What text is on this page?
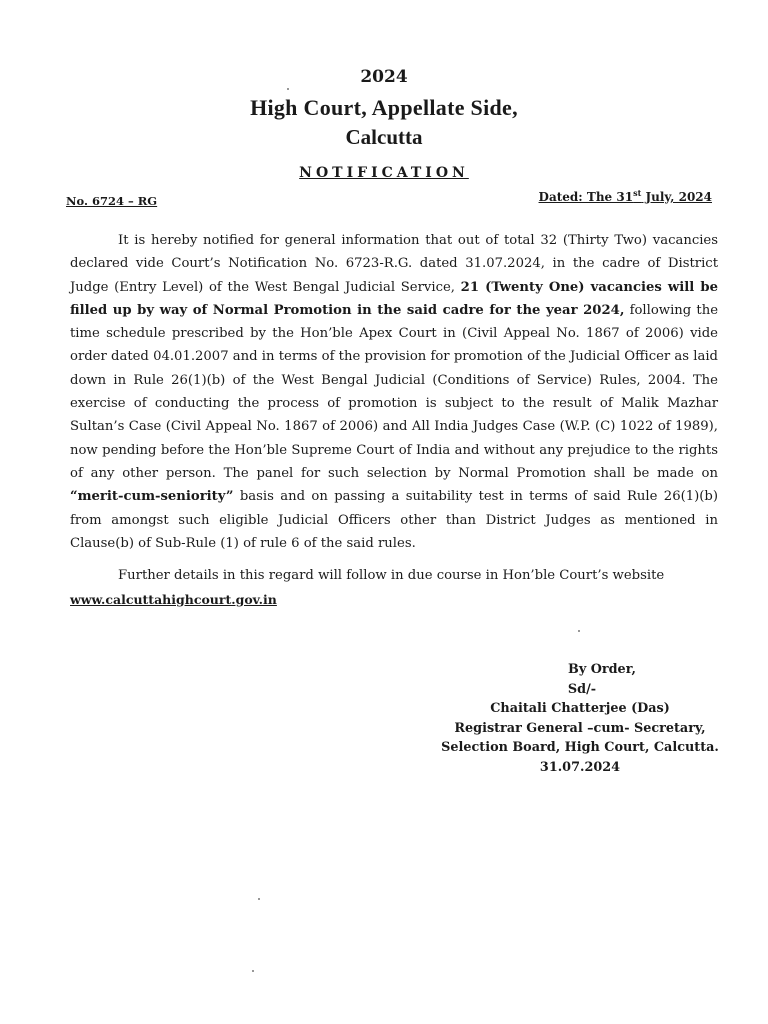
2024
High Court, Appellate Side,
Calcutta
NOTIFICATION
No. 6724 – RG	Dated: The 31st July, 2024

It is hereby notified for general information that out of total 32 (Thirty Two) vacancies declared vide Court’s Notification No. 6723-R.G. dated 31.07.2024, in the cadre of District Judge (Entry Level) of the West Bengal Judicial Service, 21 (Twenty One) vacancies will be filled up by way of Normal Promotion in the said cadre for the year 2024, following the time schedule prescribed by the Hon’ble Apex Court in (Civil Appeal No. 1867 of 2006) vide order dated 04.01.2007 and in terms of the provision for promotion of the Judicial Officer as laid down in Rule 26(1)(b) of the West Bengal Judicial (Conditions of Service) Rules, 2004. The exercise of conducting the process of promotion is subject to the result of Malik Mazhar Sultan’s Case (Civil Appeal No. 1867 of 2006) and All India Judges Case (W.P. (C) 1022 of 1989), now pending before the Hon’ble Supreme Court of India and without any prejudice to the rights of any other person. The panel for such selection by Normal Promotion shall be made on “merit-cum-seniority” basis and on passing a suitability test in terms of said Rule 26(1)(b) from amongst such eligible Judicial Officers other than District Judges as mentioned in Clause(b) of Sub-Rule (1) of rule 6 of the said rules.

Further details in this regard will follow in due course in Hon’ble Court’s website

www.calcuttahighcourt.gov.in
By Order,
Sd/-
Chaitali Chatterjee (Das)
Registrar General –cum- Secretary,
Selection Board, High Court, Calcutta.
31.07.2024
